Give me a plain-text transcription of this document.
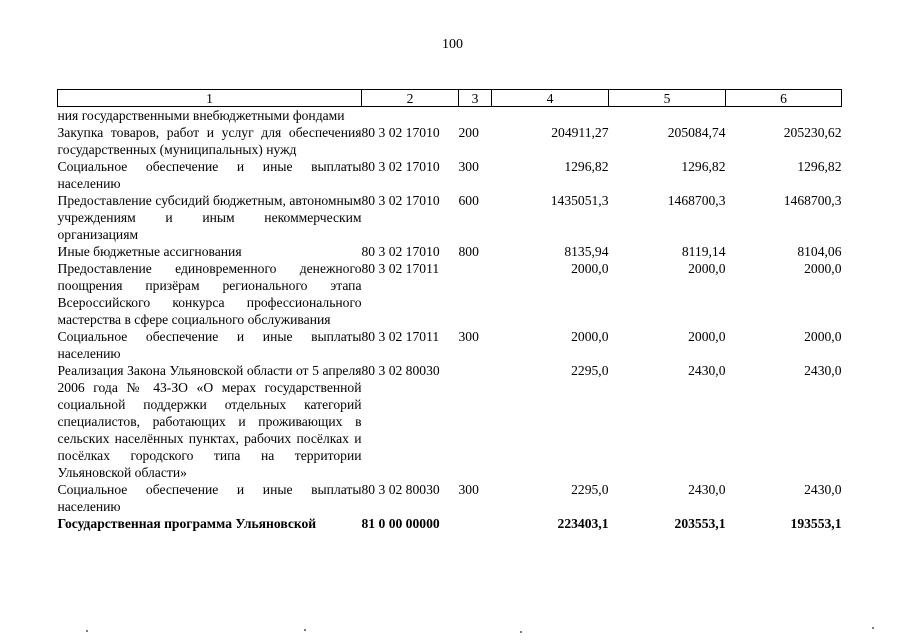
100
1	2	3	4	5	6
ния государственными внебюджетными фондами					
Закупка товаров, работ и услуг для обеспечения государственных (муниципальных) нужд	80 3 02 17010	200	204911,27	205084,74	205230,62
Социальное обеспечение и иные выплаты населению	80 3 02 17010	300	1296,82	1296,82	1296,82
Предоставление субсидий бюджетным, автономным учреждениям и иным некоммерческим организациям	80 3 02 17010	600	1435051,3	1468700,3	1468700,3
Иные бюджетные ассигнования	80 3 02 17010	800	8135,94	8119,14	8104,06
Предоставление единовременного денежного поощрения призёрам регионального этапа Всероссийского конкурса профессионального мастерства в сфере социального обслуживания	80 3 02 17011		2000,0	2000,0	2000,0
Социальное обеспечение и иные выплаты населению	80 3 02 17011	300	2000,0	2000,0	2000,0
Реализация Закона Ульяновской области от 5 апреля 2006 года № 43-ЗО «О мерах государственной социальной поддержки отдельных категорий специалистов, работающих и проживающих в сельских населённых пунктах, рабочих посёлках и посёлках городского типа на территории Ульяновской области»	80 3 02 80030		2295,0	2430,0	2430,0
Социальное обеспечение и иные выплаты населению	80 3 02 80030	300	2295,0	2430,0	2430,0
Государственная программа Ульяновской	81 0 00 00000		223403,1	203553,1	193553,1
